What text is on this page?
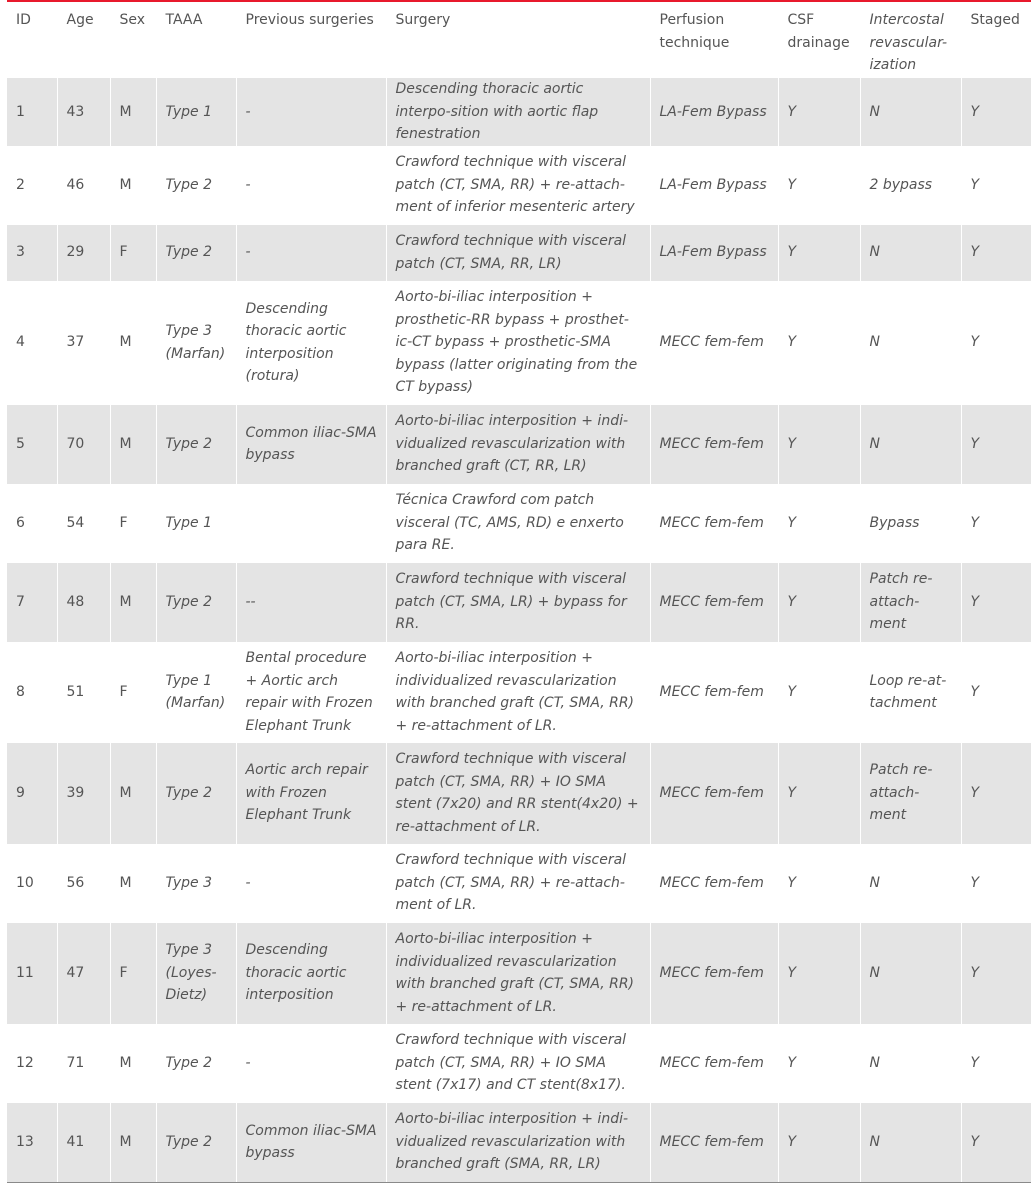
ID	Age	Sex	TAAA	Previous surgeries	Surgery	Perfusion technique	CSF drainage	Intercostal revascular-ization	Staged
1	43	M	Type 1	-	Descending thoracic aortic interpo-sition with aortic flap fenestration	LA-Fem Bypass	Y	N	Y
2	46	M	Type 2	-	Crawford technique with visceral patch (CT, SMA, RR) + re-attach-ment of inferior mesenteric artery	LA-Fem Bypass	Y	2 bypass	Y
3	29	F	Type 2	-	Crawford technique with visceral patch (CT, SMA, RR, LR)	LA-Fem Bypass	Y	N	Y
4	37	M	Type 3 (Marfan)	Descending thoracic aortic interposition (rotura)	Aorto-bi-iliac interposition + prosthetic-RR bypass + prosthet-ic-CT bypass + prosthetic-SMA bypass (latter originating from the CT bypass)	MECC fem-fem	Y	N	Y
5	70	M	Type 2	Common iliac-SMA bypass	Aorto-bi-iliac interposition + indi-vidualized revascularization with branched graft (CT, RR, LR)	MECC fem-fem	Y	N	Y
6	54	F	Type 1		Técnica Crawford com patch visceral (TC, AMS, RD) e enxerto para RE.	MECC fem-fem	Y	Bypass	Y
7	48	M	Type 2	--	Crawford technique with visceral patch (CT, SMA, LR) + bypass for RR.	MECC fem-fem	Y	Patch re-attach-ment	Y
8	51	F	Type 1 (Marfan)	Bental procedure + Aortic arch repair with Frozen Elephant Trunk	Aorto-bi-iliac interposition + individualized revascularization with branched graft (CT, SMA, RR) + re-attachment of LR.	MECC fem-fem	Y	Loop re-at-tachment	Y
9	39	M	Type 2	Aortic arch repair with Frozen Elephant Trunk	Crawford technique with visceral patch (CT, SMA, RR) + IO SMA stent (7x20) and RR stent(4x20) + re-attachment of LR.	MECC fem-fem	Y	Patch re-attach-ment	Y
10	56	M	Type 3	-	Crawford technique with visceral patch (CT, SMA, RR) + re-attach-ment of LR.	MECC fem-fem	Y	N	Y
11	47	F	Type 3 (Loyes-Dietz)	Descending thoracic aortic interposition	Aorto-bi-iliac interposition + individualized revascularization with branched graft (CT, SMA, RR) + re-attachment of LR.	MECC fem-fem	Y	N	Y
12	71	M	Type 2	-	Crawford technique with visceral patch (CT, SMA, RR) + IO SMA stent (7x17) and CT stent(8x17).	MECC fem-fem	Y	N	Y
13	41	M	Type 2	Common iliac-SMA bypass	Aorto-bi-iliac interposition + indi-vidualized revascularization with branched graft (SMA, RR, LR)	MECC fem-fem	Y	N	Y
